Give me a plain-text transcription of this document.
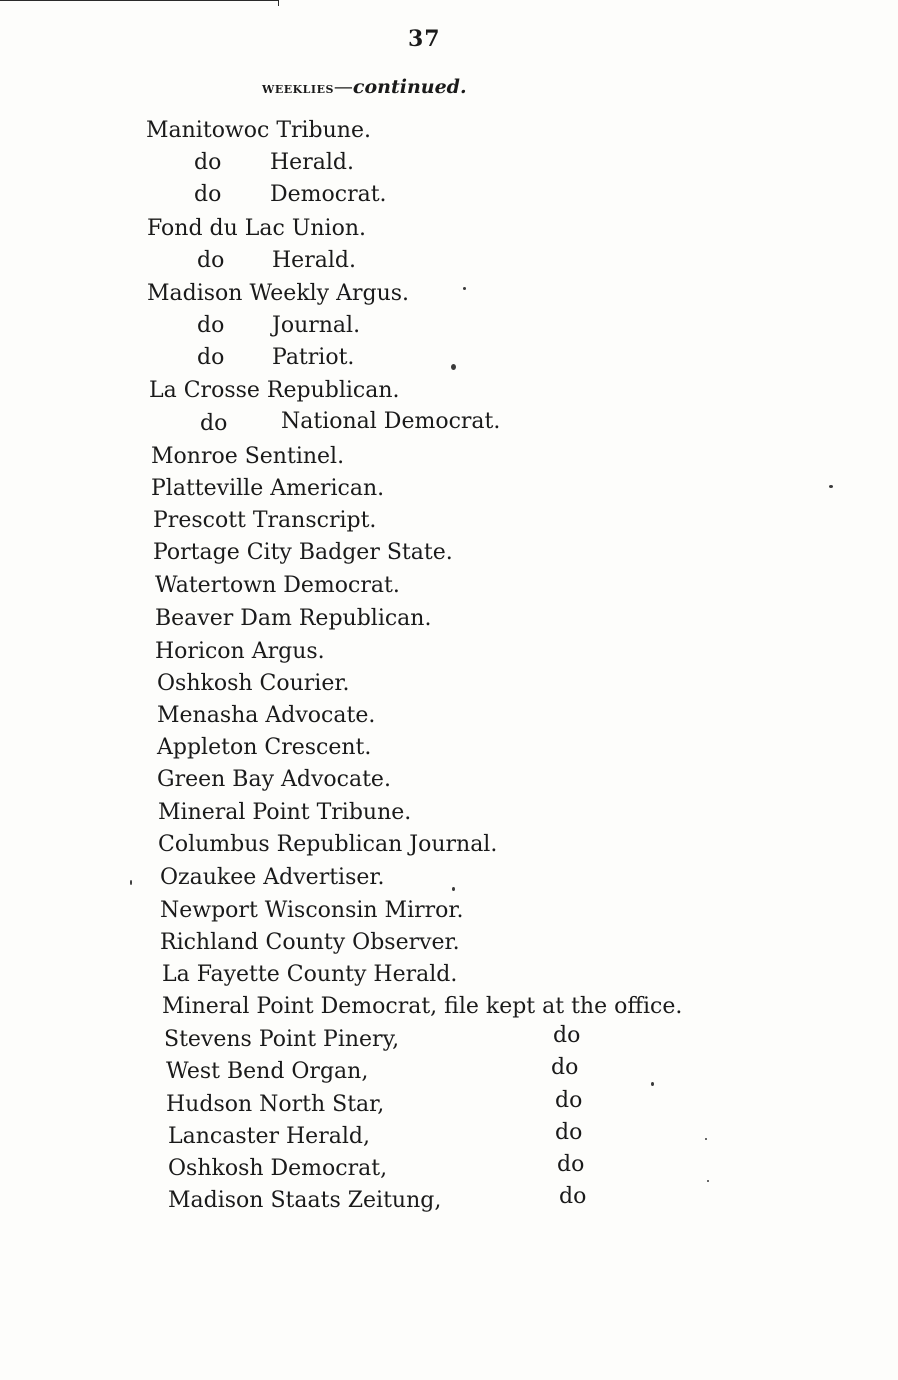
37
weeklies—continued.
Manitowoc Tribune.
do Herald.
do Democrat.
Fond du Lac Union.
do Herald.
Madison Weekly Argus.
do Journal.
do Patriot.
La Crosse Republican.
do National Democrat.
Monroe Sentinel.
Platteville American.
Prescott Transcript.
Portage City Badger State.
Watertown Democrat.
Beaver Dam Republican.
Horicon Argus.
Oshkosh Courier.
Menasha Advocate.
Appleton Crescent.
Green Bay Advocate.
Mineral Point Tribune.
Columbus Republican Journal.
Ozaukee Advertiser.
Newport Wisconsin Mirror.
Richland County Observer.
La Fayette County Herald.
Mineral Point Democrat, file kept at the office.
Stevens Point Pinery,	do
West Bend Organ,	do
Hudson North Star,	do
Lancaster Herald,	do
Oshkosh Democrat,	do
Madison Staats Zeitung,	do
